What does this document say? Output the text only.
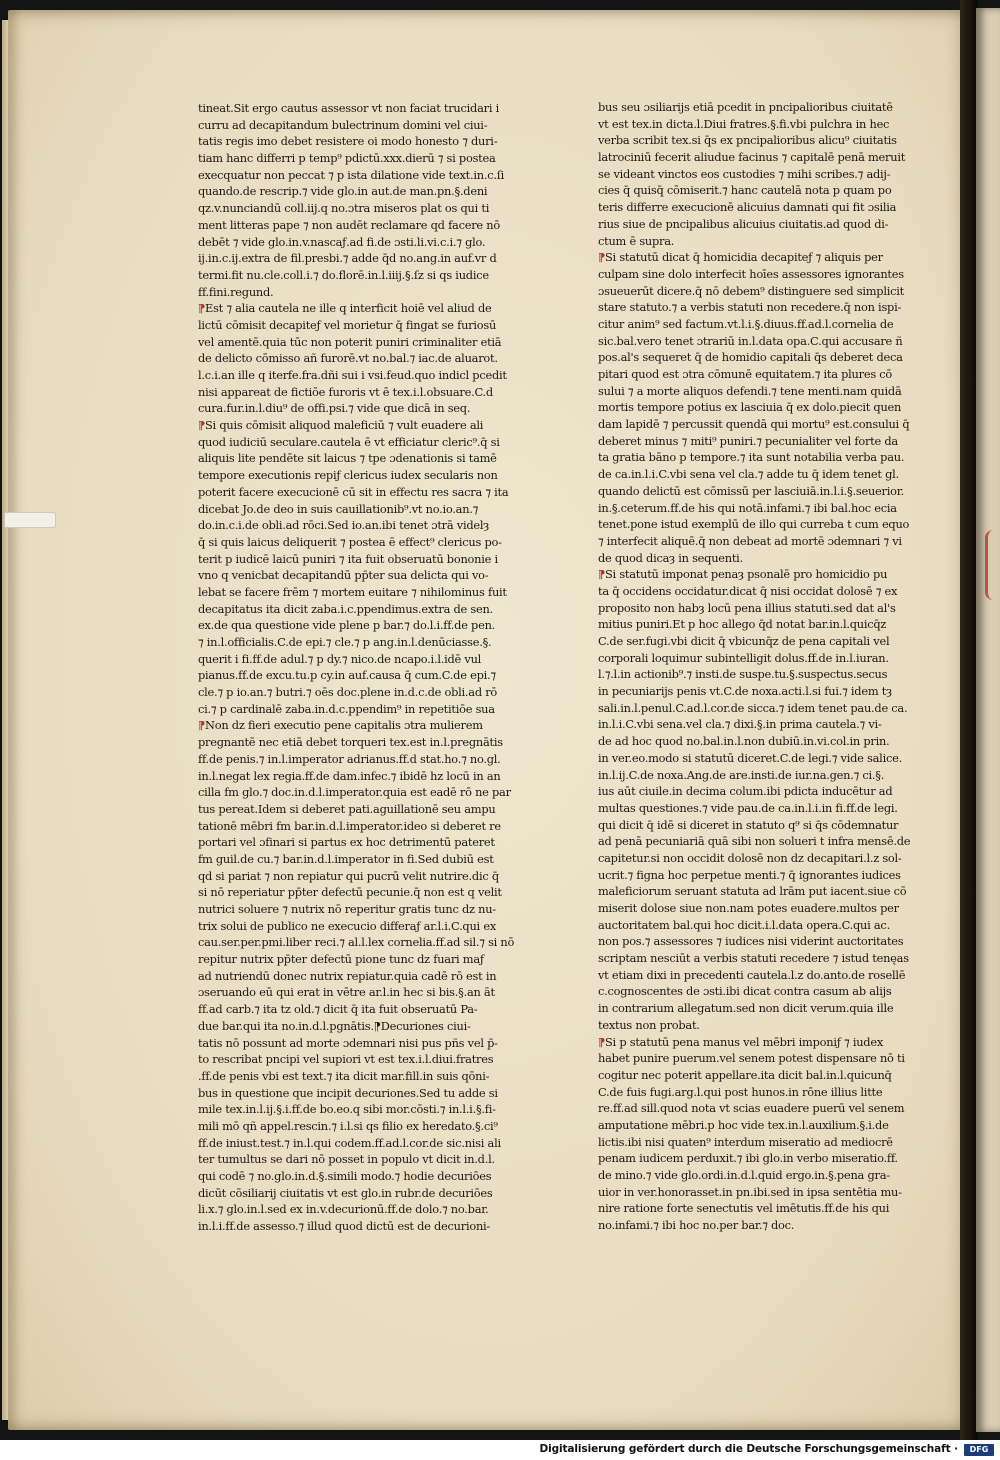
tineat.Sit ergo cautus assessor vt non faciat trucidari i
curru ad decapitandum bulectrinum domini vel ciui-
tatis regis imo debet resistere oi modo honesto ⁊ duri-
tiam hanc differri p temp⁹ pdictū.xxx.dierū ⁊ si postea
execquatur non peccat ⁊ p ista dilatione vide text.in.c.ſi
quando.de rescrip.⁊ vide glo.in aut.de man.pn.§.deni
qz.v.nunciandū coll.iij.q no.ɔtra miseros plat os qui ti
ment litteras pape ⁊ non audēt reclamare qd facere nō
debēt ⁊ vide glo.in.v.nascaƒ.ad fi.de ɔsti.li.vi.c.i.⁊ glo.
ij.in.c.ij.extra de fil.presbi.⁊ adde q̄d no.ang.in auf.vr d
termi.fit nu.cle.coll.i.⁊ do.florē.in.l.iiij.§.ſz si qs iudice
ff.fini.regund.
⁋Est ⁊ alia cautela ne ille q interficit hoiē vel aliud de
lictū cōmisit decapiteƒ vel morietur q̄ fingat se furiosū
vel amentē.quia tūc non poterit puniri criminaliter etiā
de delicto cōmisso añ furorē.vt no.bal.⁊ iac.de aluarot.
l.c.i.an ille q iterfe.fra.dñi sui i vsi.feud.quo indicl pcedit
nisi appareat de fictiōe furoris vt ē tex.i.l.obsuare.C.d
cura.fur.in.l.diu⁹ de offi.psi.⁊ vide que dicā in seq.
⁋Si quis cōmisit aliquod maleficiū ⁊ vult euadere ali
quod iudiciū seculare.cautela ē vt efficiatur cleric⁹.q̄ si
aliquis lite pendēte sit laicus ⁊ tpe ɔdenationis si tamē
tempore executionis repiƒ clericus iudex secularis non
poterit facere execucionē cū sit in effectu res sacra ⁊ ita
dicebat Jo.de deo in suis cauillationib⁹.vt no.io.an.⁊
do.in.c.i.de obli.ad rōci.Sed io.an.ibi tenet ɔtrā videlȝ
q̄ si quis laicus deliquerit ⁊ postea ē effect⁹ clericus po-
terit p iudicē laicū puniri ⁊ ita fuit obseruatū bononie i
vno q venicbat decapitandū pp̄ter sua delicta qui vo-
lebat se facere frēm ⁊ mortem euitare ⁊ nihilominus fuit
decapitatus ita dicit zaba.i.c.ppendimus.extra de sen.
ex.de qua questione vide plene p bar.⁊ do.l.i.ff.de pen.
⁊ in.l.officialis.C.de epi.⁊ cle.⁊ p ang.in.l.denūciasse.§.
querit i fi.ff.de adul.⁊ p dy.⁊ nico.de ncapo.i.l.idē vul
pianus.ff.de excu.tu.p cy.in auf.causa q̄ cum.C.de epi.⁊
cle.⁊ p io.an.⁊ butri.⁊ oēs doc.plene in.d.c.de obli.ad rō
ci.⁊ p cardinalē zaba.in.d.c.ppendim⁹ in repetitiōe sua
⁋Non dz fieri executio pene capitalis ɔtra mulierem
pregnantē nec etiā debet torqueri tex.est in.l.pregnātis
ff.de penis.⁊ in.l.imperator adrianus.ff.d stat.ho.⁊ no.gl.
in.l.negat lex regia.ff.de dam.infec.⁊ ibidē hz locū in an
cilla fm glo.⁊ doc.in.d.l.imperator.quia est eadē rō ne par
tus pereat.Idem si deberet pati.aguillationē seu ampu
tationē mēbri fm bar.in.d.l.imperator.ideo si deberet re
portari vel ɔfinari si partus ex hoc detrimentū pateret
fm guil.de cu.⁊ bar.in.d.l.imperator in fi.Sed dubiū est
qd si pariat ⁊ non repiatur qui pucrū velit nutrire.dic q̄
si nō reperiatur pp̄ter defectū pecunie.q̄ non est q velit
nutrici soluere ⁊ nutrix nō reperitur gratis tunc dz nu-
trix solui de publico ne execucio differaƒ ar.l.i.C.qui ex
cau.ser.per.pmi.liber reci.⁊ al.l.lex cornelia.ff.ad sil.⁊ si nō
repitur nutrix pp̄ter defectū pione tunc dz fuari maƒ
ad nutriendū donec nutrix repiatur.quia cadē rō est in
ɔseruando eū qui erat in vētre ar.l.in hec si bis.§.an āt
ff.ad carb.⁊ ita tz old.⁊ dicit q̄ ita fuit obseruatū Pa-
due bar.qui ita no.in.d.l.pgnātis.⁋Decuriones ciui-
tatis nō possunt ad morte ɔdemnari nisi pus pñs vel p̄-
to rescribat pncipi vel supiori vt est tex.i.l.diui.fratres
.ff.de penis vbi est text.⁊ ita dicit mar.fill.in suis qōni-
bus in questione que incipit decuriones.Sed tu adde si
mile tex.in.l.ij.§.i.ff.de bo.eo.q sibi mor.cōsti.⁊ in.l.i.§.fi-
mili mō qñ appel.rescin.⁊ i.l.si qs filio ex heredato.§.ci⁹
ff.de iniust.test.⁊ in.l.qui codem.ff.ad.l.cor.de sic.nisi ali
ter tumultus se dari nō posset in populo vt dicit in.d.l.
qui codē ⁊ no.glo.in.d.§.simili modo.⁊ hodie decuriōes
dicūt cōsiliarij ciuitatis vt est glo.in rubr.de decuriōes
li.x.⁊ glo.in.l.sed ex in.v.decurionū.ff.de dolo.⁊ no.bar.
in.l.i.ff.de assesso.⁊ illud quod dictū est de decurioni-
bus seu ɔsiliarijs etiā pcedit in pncipalioribus ciuitatē
vt est tex.in dicta.l.Diui fratres.§.fi.vbi pulchra in hec
verba scribit tex.si q̄s ex pncipalioribus alicu⁹ ciuitatis
latrociniū fecerit aliudue facinus ⁊ capitalē penā meruit
se videant vinctos eos custodies ⁊ mihi scribes.⁊ adij-
cies q̄ quisq̄ cōmiserit.⁊ hanc cautelā nota p quam po
teris differre execucionē alicuius damnati qui fit ɔsilia
rius siue de pncipalibus alicuius ciuitatis.ad quod di-
ctum ē supra.
⁋Si statutū dicat q̄ homicidia decapiteƒ ⁊ aliquis per
culpam sine dolo interfecit hoīes assessores ignorantes
ɔsueuerūt dicere.q̄ nō debem⁹ distinguere sed simplicit
stare statuto.⁊ a verbis statuti non recedere.q̄ non ispi-
citur anim⁹ sed factum.vt.l.i.§.diuus.ff.ad.l.cornelia de
sic.bal.vero tenet ɔtrariū in.l.data opa.C.qui accusare ñ
pos.al's sequeret q̄ de homidio capitali q̄s deberet deca
pitari quod est ɔtra cōmunē equitatem.⁊ ita plures cō
sului ⁊ a morte aliquos defendi.⁊ tene menti.nam quidā
mortis tempore potius ex lasciuia q̄ ex dolo.piecit quen
dam lapidē ⁊ percussit quendā qui mortu⁹ est.consului q̄
deberet minus ⁊ miti⁹ puniri.⁊ pecunialiter vel forte da
ta gratia bāno p tempore.⁊ ita sunt notabilia verba pau.
de ca.in.l.i.C.vbi sena vel cla.⁊ adde tu q̄ idem tenet gl.
quando delictū est cōmissū per lasciuiā.in.l.i.§.seuerior.
in.§.ceterum.ff.de his qui notā.infami.⁊ ibi bal.hoc ecia
tenet.pone istud exemplū de illo qui curreba t cum equo
⁊ interfecit aliquē.q̄ non debeat ad mortē ɔdemnari ⁊ vi
de quod dicaȝ in sequenti.
⁋Si statutū imponat penaȝ psonalē pro homicidio pu
ta q̄ occidens occidatur.dicat q̄ nisi occidat dolosē ⁊ ex
proposito non habȝ locū pena illius statuti.sed dat al's
mitius puniri.Et p hoc allego q̄d notat bar.in.l.quicq̄z
C.de ser.fugi.vbi dicit q̄ vbicunq̄z de pena capitali vel
corporali loquimur subintelligit dolus.ff.de in.l.iuran.
l.⁊.l.in actionib⁹.⁊ insti.de suspe.tu.§.suspectus.secus
in pecuniarijs penis vt.C.de noxa.acti.l.si fui.⁊ idem tȝ
sali.in.l.penul.C.ad.l.cor.de sicca.⁊ idem tenet pau.de ca.
in.l.i.C.vbi sena.vel cla.⁊ dixi.§.in prima cautela.⁊ vi-
de ad hoc quod no.bal.in.l.non dubiū.in.vi.col.in prin.
in ver.eo.modo si statutū diceret.C.de legi.⁊ vide salice.
in.l.ij.C.de noxa.Ang.de are.insti.de iur.na.gen.⁊ ci.§.
ius aūt ciuile.in decima colum.ibi pdicta inducētur ad
multas questiones.⁊ vide pau.de ca.in.l.i.in fi.ff.de legi.
qui dicit q̄ idē si diceret in statuto q⁹ si q̄s cōdemnatur
ad penā pecuniariā quā sibi non solueri t infra mensē.de
capitetur.si non occidit dolosē non dz decapitari.l.z sol-
ucrit.⁊ figna hoc perpetue menti.⁊ q̄ ignorantes iudices
maleficiorum seruant statuta ad lrām put iacent.siue cō
miserit dolose siue non.nam potes euadere.multos per
auctoritatem bal.qui hoc dicit.i.l.data opera.C.qui ac.
non pos.⁊ assessores ⁊ iudices nisi viderint auctoritates
scriptam nesciūt a verbis statuti recedere ⁊ istud tenęas
vt etiam dixi in precedenti cautela.l.z do.anto.de rosellē
c.cognoscentes de ɔsti.ibi dicat contra casum ab alijs
in contrarium allegatum.sed non dicit verum.quia ille
textus non probat.
⁋Si p statutū pena manus vel mēbri imponiƒ ⁊ iudex
habet punire puerum.vel senem potest dispensare nō ti
cogitur nec poterit appellare.ita dicit bal.in.l.quicunq̄
C.de fuis fugi.arg.l.qui post hunos.in rōne illius litte
re.ff.ad sill.quod nota vt scias euadere puerū vel senem
amputatione mēbri.p hoc vide tex.in.l.auxilium.§.i.de
lictis.ibi nisi quaten⁹ interdum miseratio ad mediocrē
penam iudicem perduxit.⁊ ibi glo.in verbo miseratio.ff.
de mino.⁊ vide glo.ordi.in.d.l.quid ergo.in.§.pena gra-
uior in ver.honorasset.in pn.ibi.sed in ipsa sentētia mu-
nire ratione forte senectutis vel imētutis.ff.de his qui
no.infami.⁊ ibi hoc no.per bar.⁊ doc.
Digitalisierung gefördert durch die Deutsche Forschungsgemeinschaft ·	DFG
